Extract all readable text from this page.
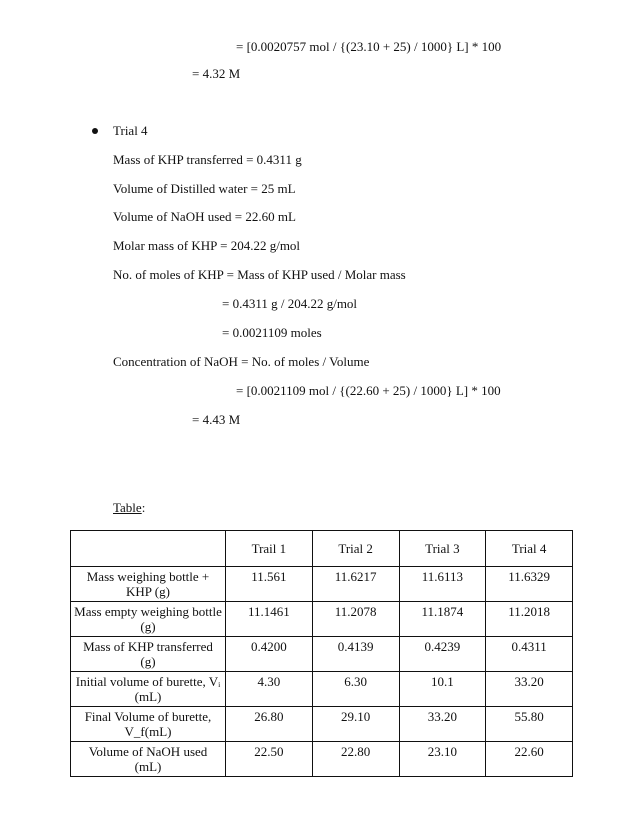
= [0.0020757 mol / {(23.10 + 25) / 1000} L] * 100
= 4.32 M
Trial 4
Mass of KHP transferred = 0.4311 g
Volume of Distilled water = 25 mL
Volume of NaOH used = 22.60 mL
Molar mass of KHP = 204.22 g/mol
No. of moles of KHP = Mass of KHP used / Molar mass
= 0.4311 g / 204.22 g/mol
= 0.0021109 moles
Concentration of NaOH = No. of moles / Volume
= [0.0021109 mol / {(22.60 + 25) / 1000} L] * 100
= 4.43 M
Table:
	Trail 1	Trial 2	Trial 3	Trial 4
Mass weighing bottle + KHP (g)	11.561	11.6217	11.6113	11.6329
Mass empty weighing bottle (g)	11.1461	11.2078	11.1874	11.2018
Mass of KHP transferred (g)	0.4200	0.4139	0.4239	0.4311
Initial volume of burette, Vᵢ (mL)	4.30	6.30	10.1	33.20
Final Volume of burette, V_f(mL)	26.80	29.10	33.20	55.80
Volume of NaOH used (mL)	22.50	22.80	23.10	22.60
